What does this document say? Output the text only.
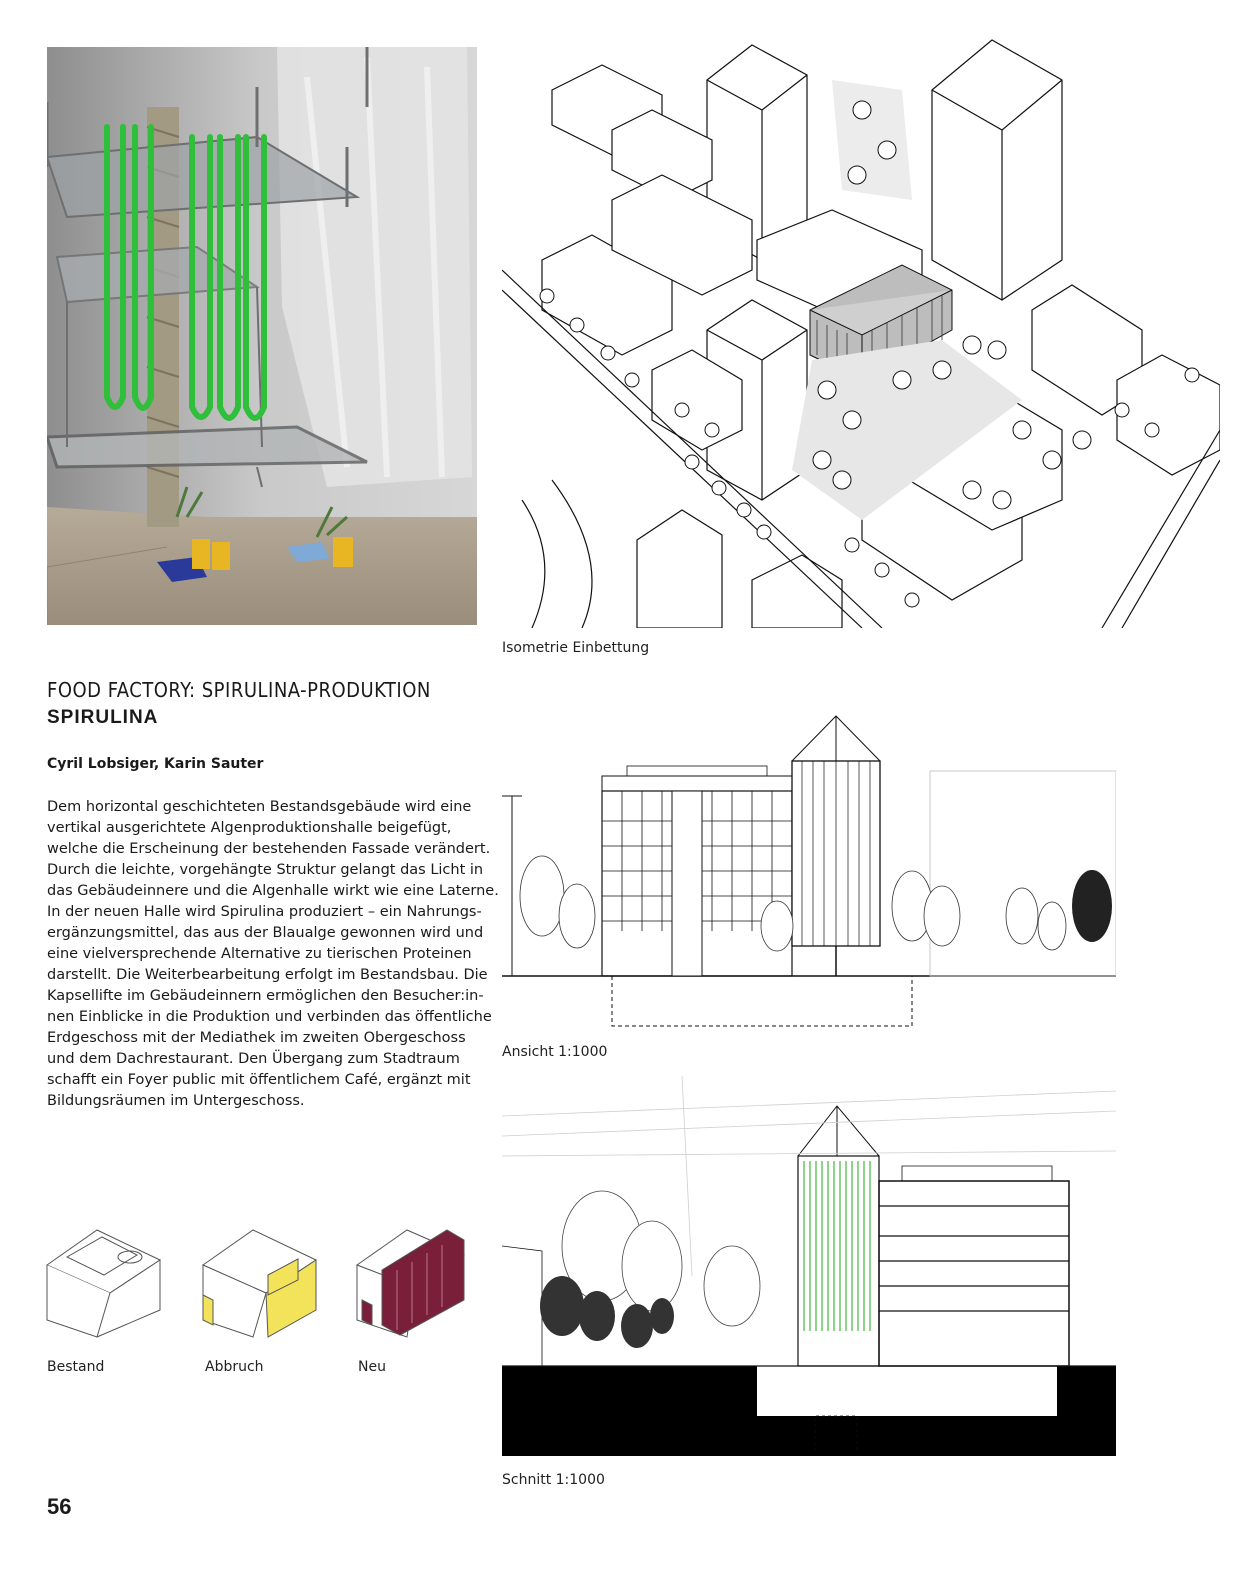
Isometrie Einbettung
Ansicht 1:1000
Schnitt 1:1000
FOOD FACTORY: SPIRULINA-PRODUKTION
SPIRULINA
Cyril Lobsiger, Karin Sauter

Dem horizontal geschichteten Bestandsgebäude wird eine

vertikal ausgerichtete Algenproduktionshalle beigefügt,

welche die Erscheinung der bestehenden Fassade verändert.

Durch die leichte, vorgehängte Struktur gelangt das Licht in

das Gebäudeinnere und die Algenhalle wirkt wie eine Laterne.

In der neuen Halle wird Spirulina produziert – ein Nahrungs-

ergänzungsmittel, das aus der Blaualge gewonnen wird und

eine vielversprechende Alternative zu tierischen Proteinen

darstellt. Die Weiterbearbeitung erfolgt im Bestandsbau. Die

Kapsellifte im Gebäudeinnern ermöglichen den Besucher:in-

nen Einblicke in die Produktion und verbinden das öffentliche

Erdgeschoss mit der Mediathek im zweiten Obergeschoss

und dem Dachrestaurant. Den Übergang zum Stadtraum

schafft ein Foyer public mit öffentlichem Café, ergänzt mit

Bildungsräumen im Untergeschoss.

Bestand	Abbruch	Neu
56
